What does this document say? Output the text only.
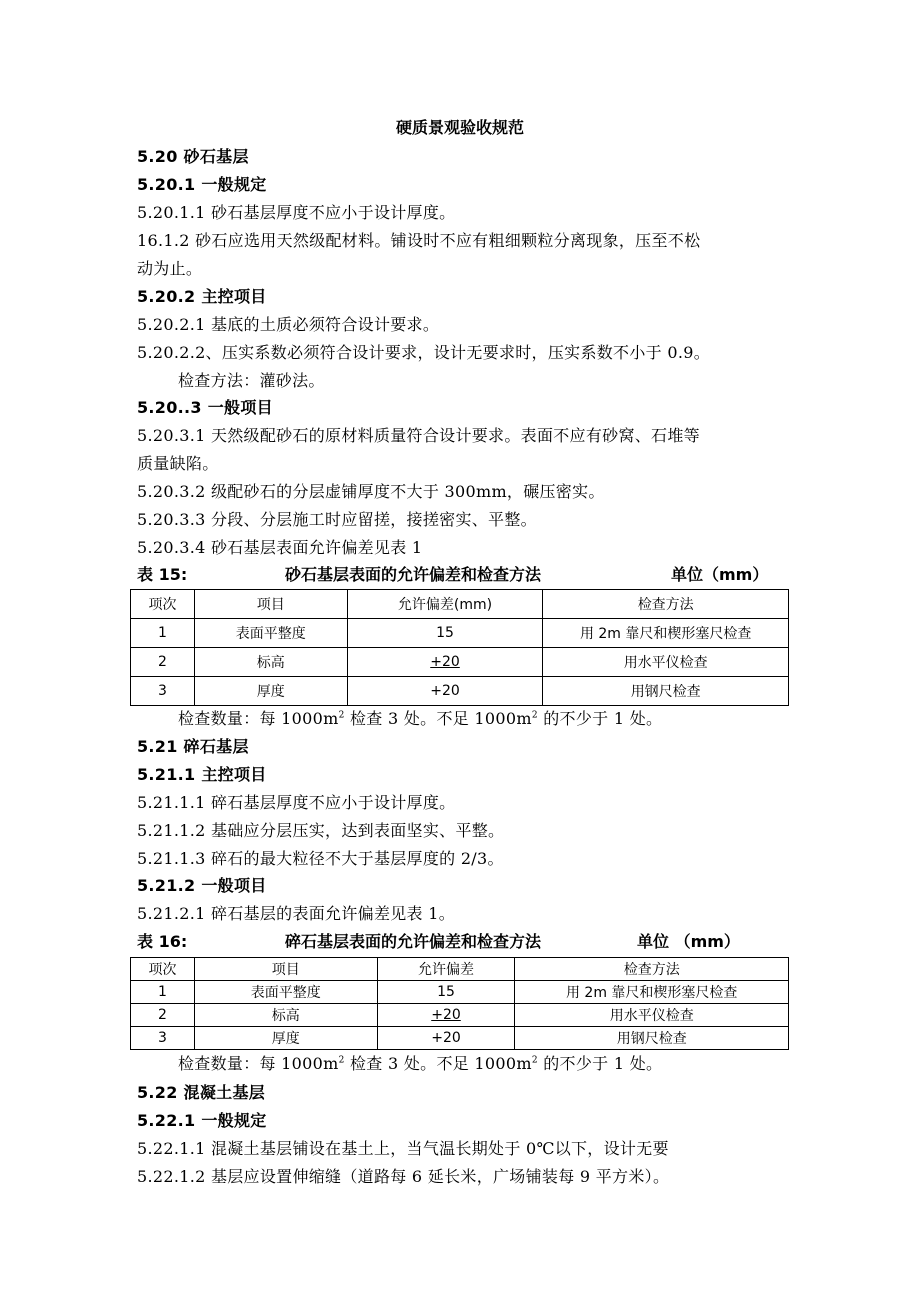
硬质景观验收规范
5.20 砂石基层
5.20.1 一般规定
5.20.1.1 砂石基层厚度不应小于设计厚度。
16.1.2 砂石应选用天然级配材料。铺设时不应有粗细颗粒分离现象，压至不松
动为止。
5.20.2 主控项目
5.20.2.1 基底的土质必须符合设计要求。
5.20.2.2、压实系数必须符合设计要求，设计无要求时，压实系数不小于 0.9。
检查方法：灌砂法。
5.20..3 一般项目
5.20.3.1 天然级配砂石的原材料质量符合设计要求。表面不应有砂窝、石堆等
质量缺陷。
5.20.3.2 级配砂石的分层虚铺厚度不大于 300mm，碾压密实。
5.20.3.3 分段、分层施工时应留搓，接搓密实、平整。
5.20.3.4 砂石基层表面允许偏差见表 1
表 15:	砂石基层表面的允许偏差和检查方法	单位（mm）
项次	项目	允许偏差(mm)	检查方法
1	表面平整度	15	用 2m 靠尺和楔形塞尺检查
2	标高	+20	用水平仪检查
3	厚度	+20	用钢尺检查
检查数量：每 $1000m^2$ 检查 3 处。不足 $1000m^2$ 的不少于 1 处。
5.21 碎石基层
5.21.1 主控项目
5.21.1.1 碎石基层厚度不应小于设计厚度。
5.21.1.2 基础应分层压实，达到表面坚实、平整。
5.21.1.3 碎石的最大粒径不大于基层厚度的 2/3。
5.21.2 一般项目
5.21.2.1 碎石基层的表面允许偏差见表 1。
表 16:	碎石基层表面的允许偏差和检查方法	单位 （mm）
项次	项目	允许偏差	检查方法
1	表面平整度	15	用 2m 靠尺和楔形塞尺检查
2	标高	+20	用水平仪检查
3	厚度	+20	用钢尺检查
检查数量：每 $1000m^2$ 检查 3 处。不足 $1000m^2$ 的不少于 1 处。
5.22 混凝土基层
5.22.1 一般规定
5.22.1.1 混凝土基层铺设在基土上，当气温长期处于 0℃以下，设计无要
5.22.1.2 基层应设置伸缩缝（道路每 6 延长米，广场铺装每 9 平方米）。
